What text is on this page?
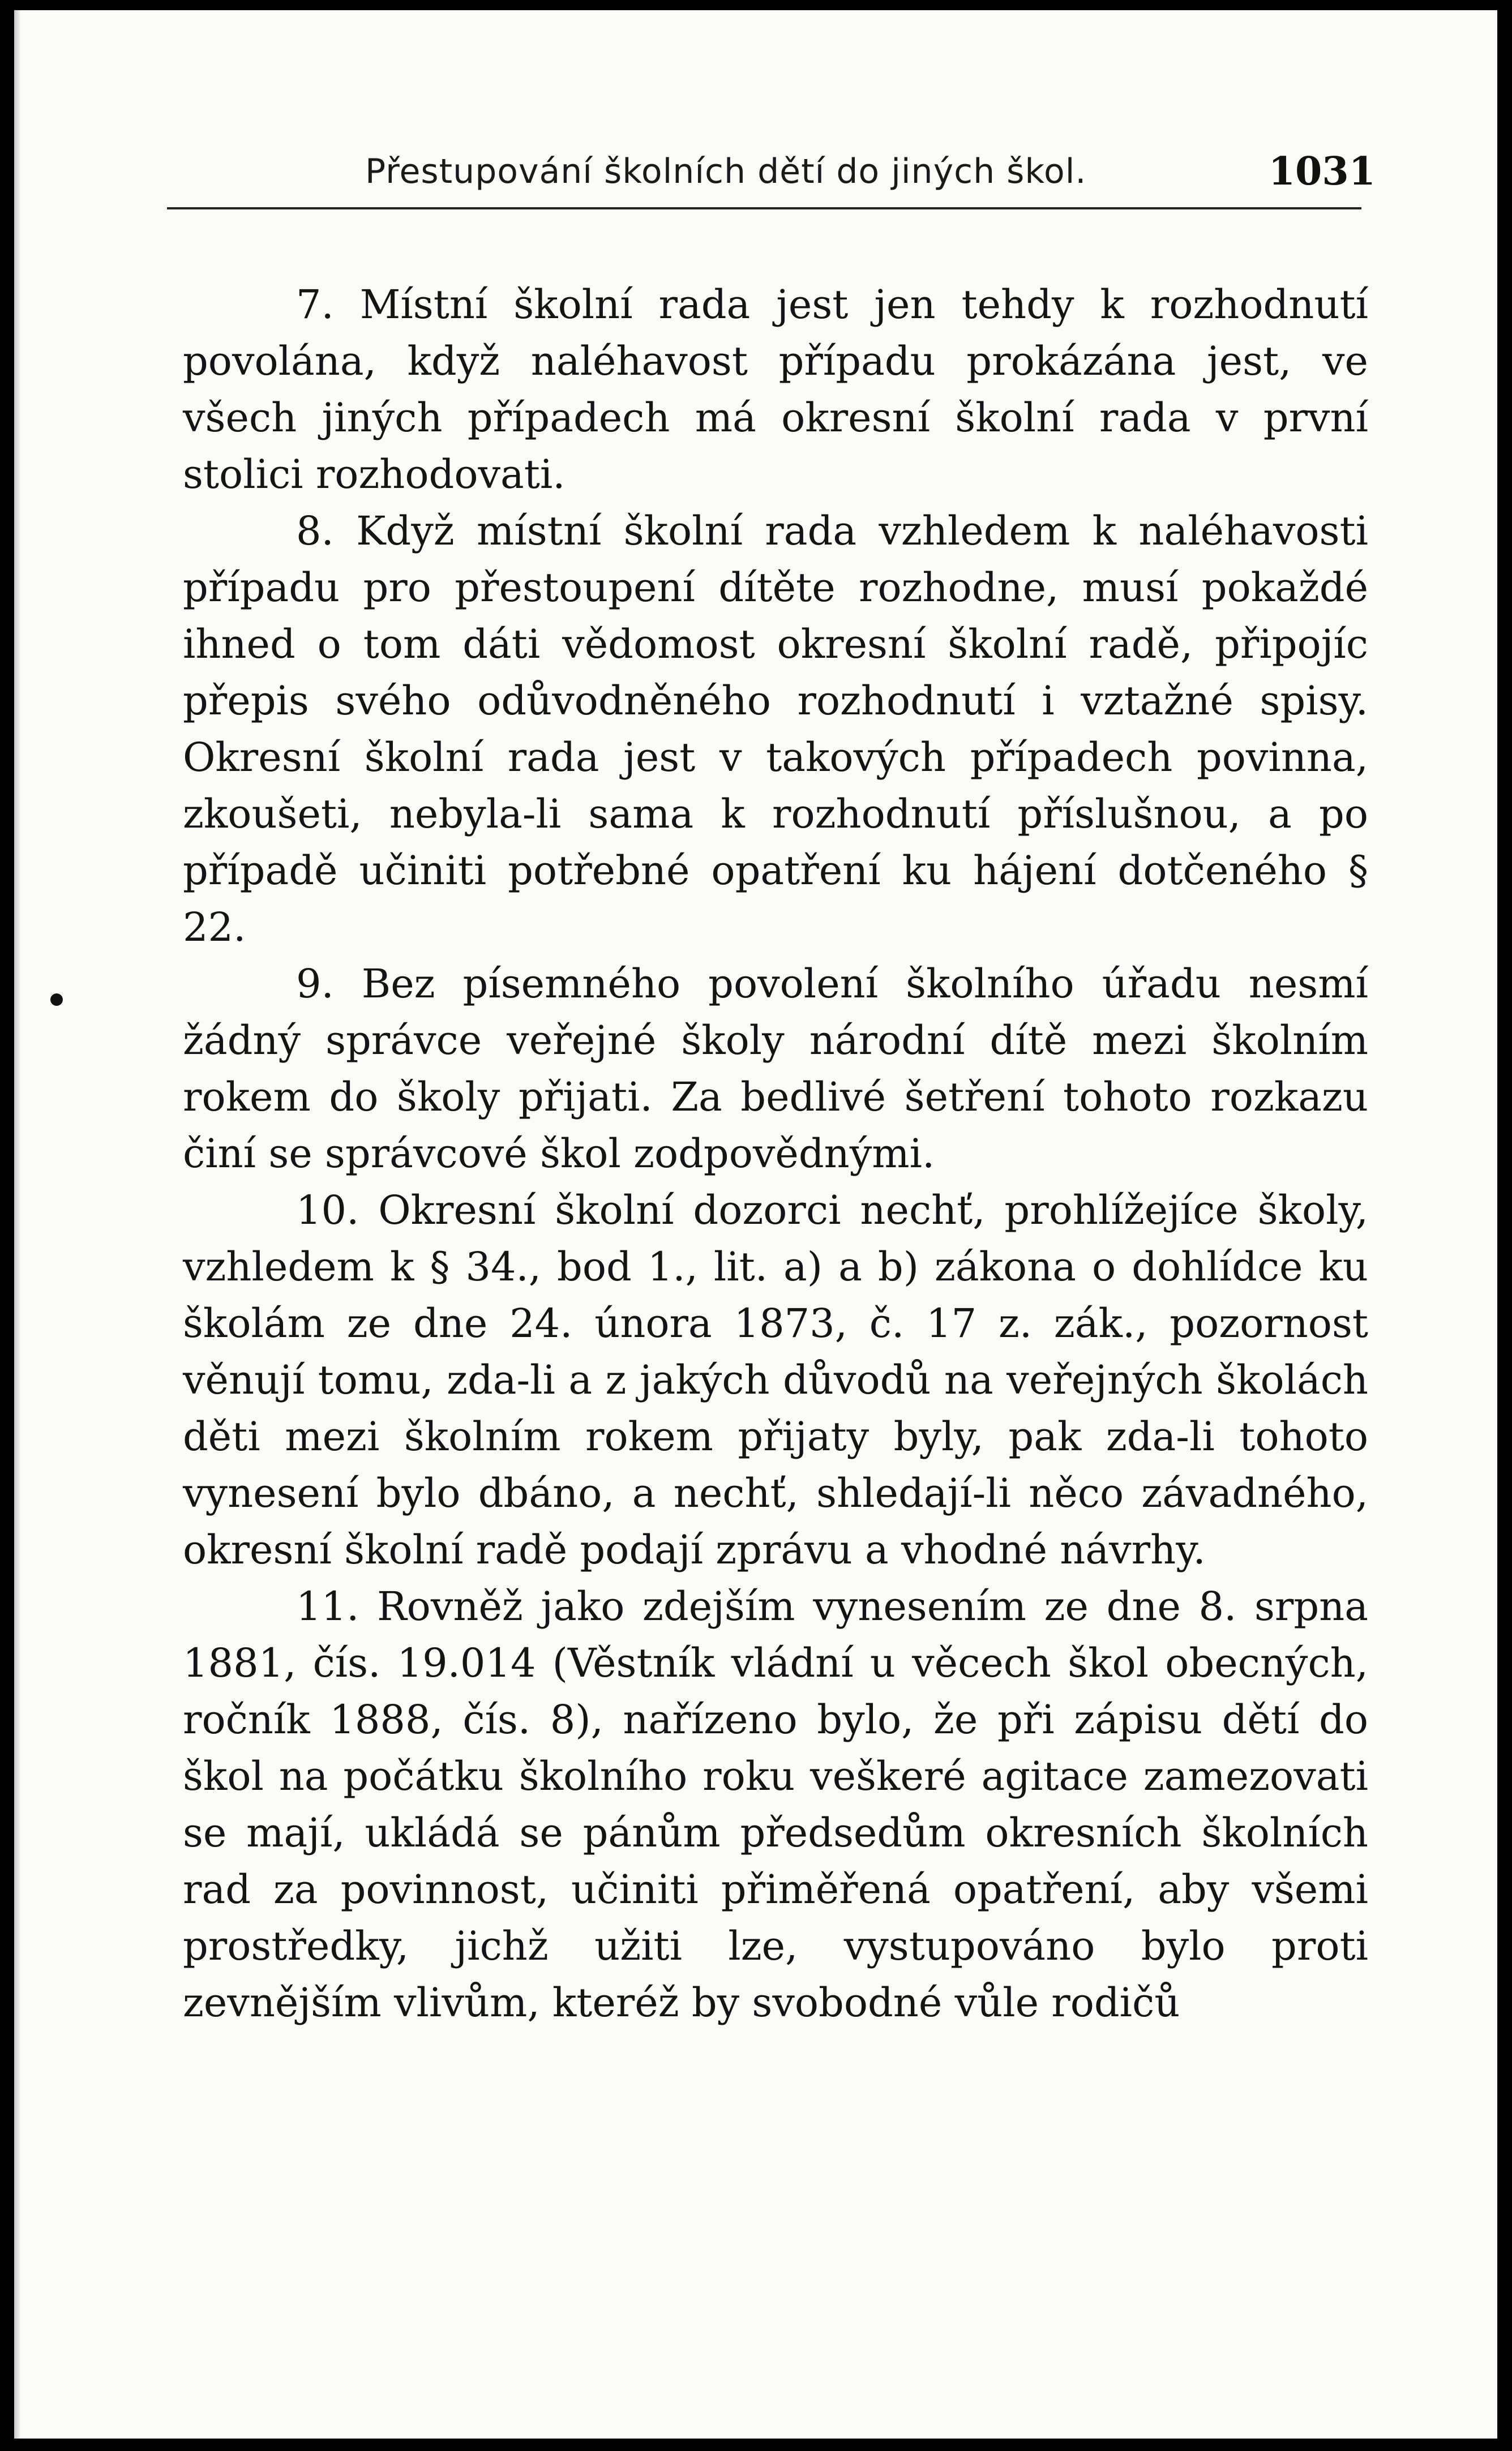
Přestupování školních dětí do jiných škol.	1031

7. Místní školní rada jest jen tehdy k rozhodnutí povolána, když naléhavost případu prokázána jest, ve všech jiných případech má okresní školní rada v první stolici rozhodovati.

8. Když místní školní rada vzhledem k naléhavosti případu pro přestoupení dítěte rozhodne, musí pokaždé ihned o tom dáti vědomost okresní školní radě, připojíc přepis svého odůvodněného rozhodnutí i vztažné spisy. Okresní školní rada jest v takových případech povinna, zkoušeti, nebyla-li sama k rozhodnutí příslušnou, a po případě učiniti potřebné opatření ku hájení dotčeného § 22.

9. Bez písemného povolení školního úřadu nesmí žádný správce veřejné školy národní dítě mezi školním rokem do školy přijati. Za bedlivé šetření tohoto rozkazu činí se správcové škol zodpovědnými.

10. Okresní školní dozorci nechť, prohlížejíce školy, vzhledem k § 34., bod 1., lit. a) a b) zákona o dohlídce ku školám ze dne 24. února 1873, č. 17 z. zák., pozornost věnují tomu, zda-li a z jakých důvodů na veřejných školách děti mezi školním rokem přijaty byly, pak zda-li tohoto vynesení bylo dbáno, a nechť, shledají-li něco závadného, okresní školní radě podají zprávu a vhodné návrhy.

11. Rovněž jako zdejším vynesením ze dne 8. srpna 1881, čís. 19.014 (Věstník vládní u věcech škol obecných, ročník 1888, čís. 8), nařízeno bylo, že při zápisu dětí do škol na počátku školního roku veškeré agitace zamezovati se mají, ukládá se pánům předsedům okresních školních rad za povinnost, učiniti přiměřená opatření, aby všemi prostředky, jichž užiti lze, vystupováno bylo proti zevnějším vlivům, kteréž by svobodné vůle rodičů
